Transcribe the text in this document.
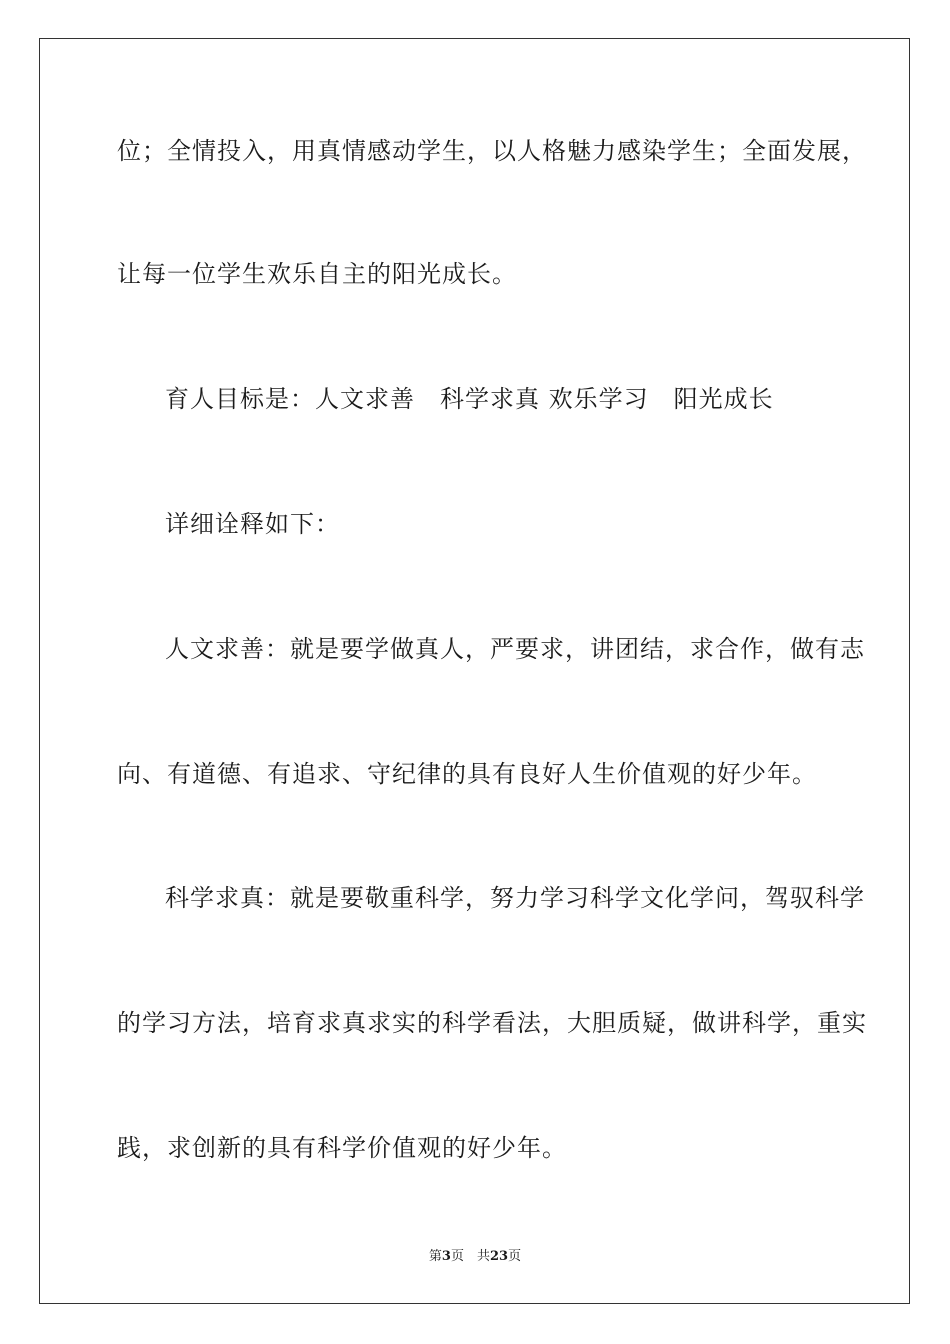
位；全情投入，用真情感动学生，以人格魅力感染学生；全面发展，
让每一位学生欢乐自主的阳光成长。
育人目标是：人文求善　科学求真 欢乐学习　阳光成长
详细诠释如下：
人文求善：就是要学做真人，严要求，讲团结，求合作，做有志
向、有道德、有追求、守纪律的具有良好人生价值观的好少年。
科学求真：就是要敬重科学，努力学习科学文化学问，驾驭科学
的学习方法，培育求真求实的科学看法，大胆质疑，做讲科学，重实
践，求创新的具有科学价值观的好少年。
第3页　共23页
